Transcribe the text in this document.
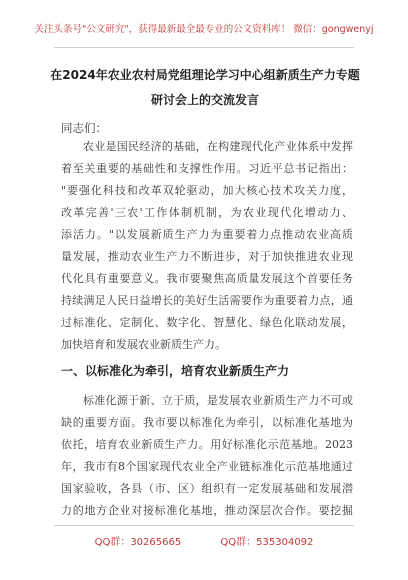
关注头条号"公文研究"，获得最新最全最专业的公文资料库！ 微信：gongwenyj
在2024年农业农村局党组理论学习中心组新质生产力专题
研讨会上的交流发言
同志们：
农业是国民经济的基础，在构建现代化产业体系中发挥
着至关重要的基础性和支撑性作用。习近平总书记指出：
"要强化科技和改革双轮驱动，加大核心技术攻关力度，
改革完善'三农'工作体制机制，为农业现代化增动力、
添活力。"以发展新质生产力为重要着力点推动农业高质
量发展，推动农业生产力不断进步，对于加快推进农业现
代化具有重要意义。我市要聚焦高质量发展这个首要任务
持续满足人民日益增长的美好生活需要作为重要着力点，通
过标准化、定制化、数字化、智慧化、绿色化联动发展，
加快培育和发展农业新质生产力。
一、以标准化为牵引，培育农业新质生产力
标准化源于新、立于质，是发展农业新质生产力不可或
缺的重要方面。我市要以标准化为牵引，以标准化基地为
依托，培育农业新质生产力。用好标准化示范基地。2023
年，我市有8个国家现代农业全产业链标准化示范基地通过
国家验收，各县（市、区）组织有一定发展基础和发展潜
力的地方企业对接标准化基地，推动深层次合作。要挖掘
QQ群：30265665	QQ群：535304092
